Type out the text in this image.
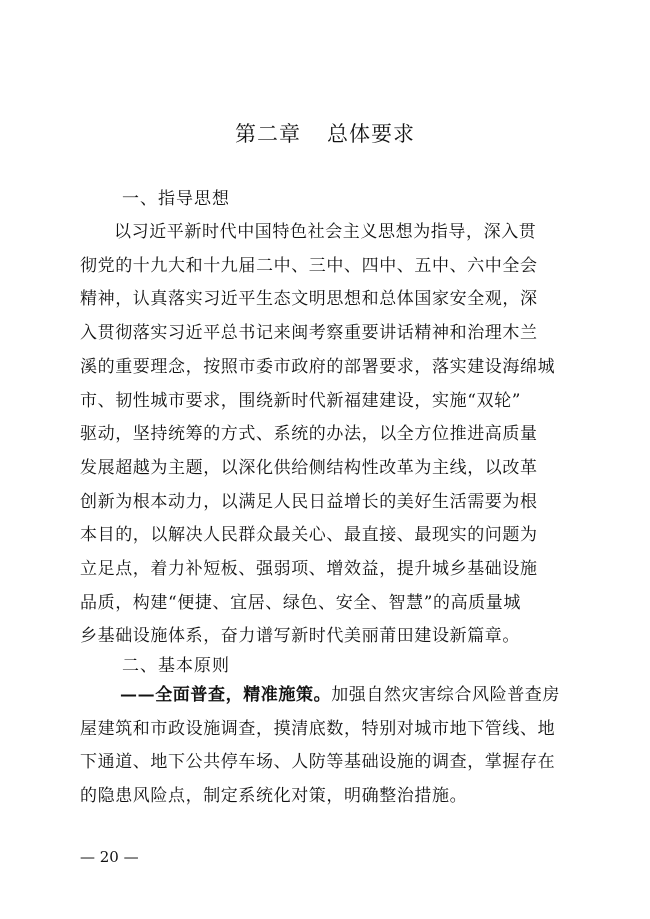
第二章 总体要求
一、指导思想
以习近平新时代中国特色社会主义思想为指导，深入贯
彻党的十九大和十九届二中、三中、四中、五中、六中全会
精神，认真落实习近平生态文明思想和总体国家安全观，深
入贯彻落实习近平总书记来闽考察重要讲话精神和治理木兰
溪的重要理念，按照市委市政府的部署要求，落实建设海绵城
市、韧性城市要求，围绕新时代新福建建设，实施“双轮”
驱动，坚持统筹的方式、系统的办法，以全方位推进高质量
发展超越为主题，以深化供给侧结构性改革为主线，以改革
创新为根本动力，以满足人民日益增长的美好生活需要为根
本目的，以解决人民群众最关心、最直接、最现实的问题为
立足点，着力补短板、强弱项、增效益，提升城乡基础设施
品质，构建“便捷、宜居、绿色、安全、智慧”的高质量城
乡基础设施体系，奋力谱写新时代美丽莆田建设新篇章。
二、基本原则
——全面普查，精准施策。加强自然灾害综合风险普查房
屋建筑和市政设施调查，摸清底数，特别对城市地下管线、地
下通道、地下公共停车场、人防等基础设施的调查，掌握存在
的隐患风险点，制定系统化对策，明确整治措施。
— 20 —
